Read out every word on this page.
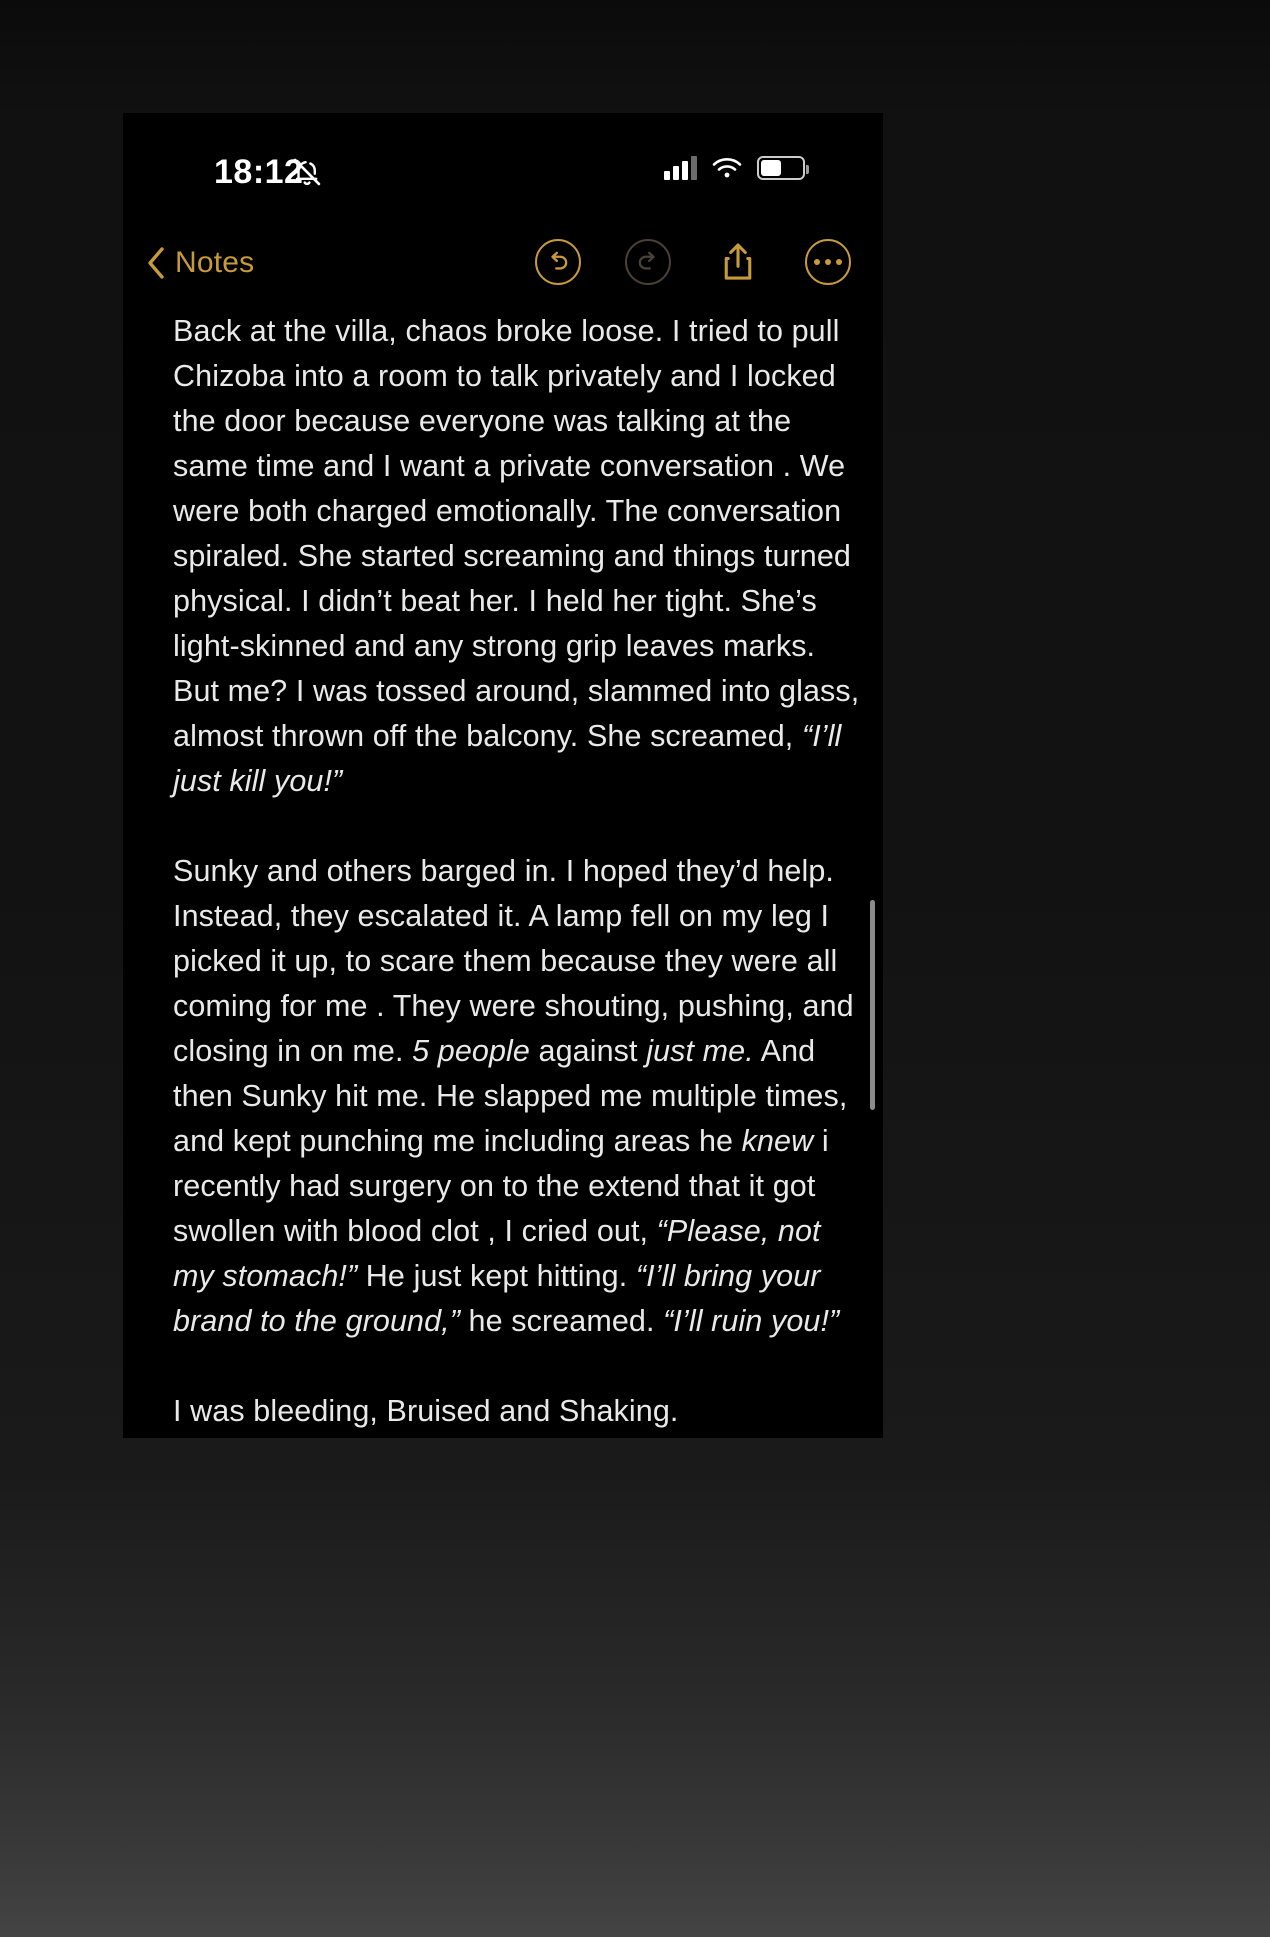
18:12
Notes

Back at the villa, chaos broke loose. I tried to pull Chizoba into a room to talk privately and I locked the door because everyone was talking at the same time and I want a private conversation . We were both charged emotionally. The conversation spiraled. She started screaming and things turned physical. I didn’t beat her. I held her tight. She’s light-skinned and any strong grip leaves marks. But me? I was tossed around, slammed into glass, almost thrown off the balcony. She screamed, “I’ll just kill you!”

Sunky and others barged in. I hoped they’d help. Instead, they escalated it. A lamp fell on my leg I picked it up, to scare them because they were all coming for me . They were shouting, pushing, and closing in on me. 5 people against just me. And then Sunky hit me. He slapped me multiple times, and kept punching me including areas he knew i recently had surgery on to the extend that it got swollen with blood clot , I cried out, “Please, not my stomach!” He just kept hitting. “I’ll bring your brand to the ground,” he screamed. “I’ll ruin you!”

I was bleeding, Bruised and Shaking.
